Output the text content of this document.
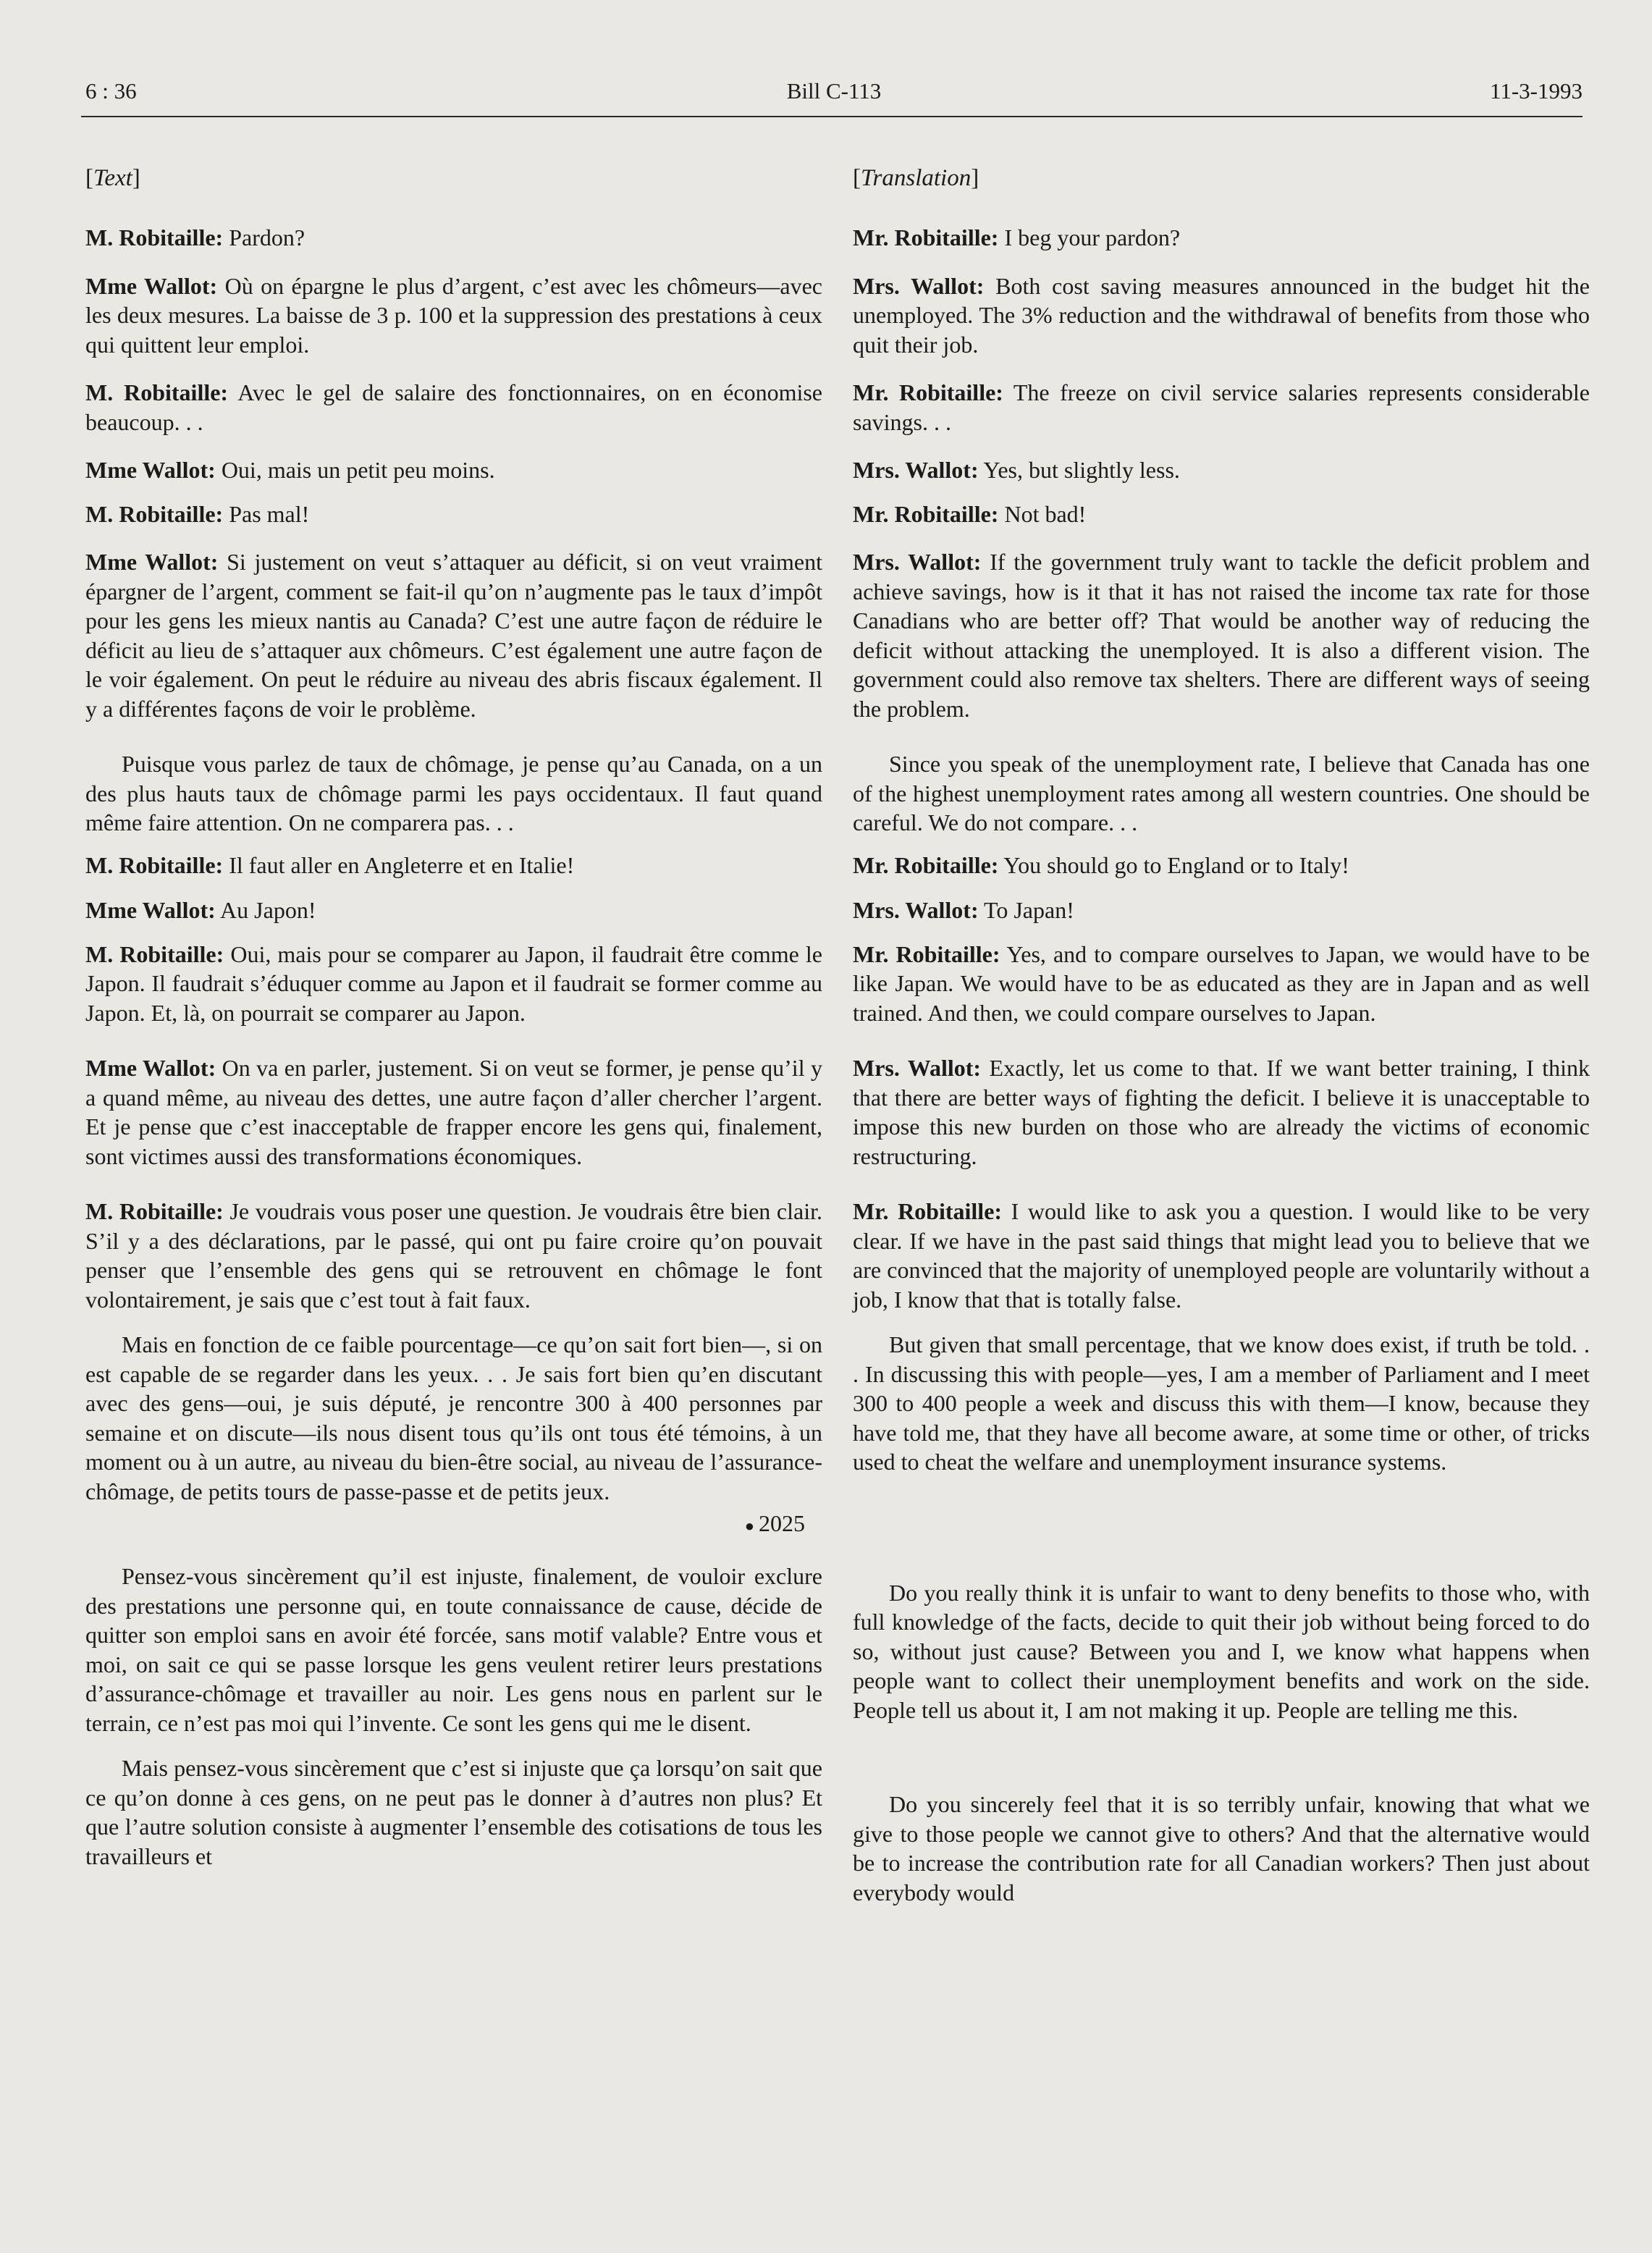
Bill C-113
6 : 36	11-3-1993
[Text]

M. Robitaille: Pardon?

Mme Wallot: Où on épargne le plus d’argent, c’est avec les chômeurs—avec les deux mesures. La baisse de 3 p. 100 et la suppression des prestations à ceux qui quittent leur emploi.

M. Robitaille: Avec le gel de salaire des fonctionnaires, on en économise beaucoup. . .

Mme Wallot: Oui, mais un petit peu moins.

M. Robitaille: Pas mal!

Mme Wallot: Si justement on veut s’attaquer au déficit, si on veut vraiment épargner de l’argent, comment se fait-il qu’on n’augmente pas le taux d’impôt pour les gens les mieux nantis au Canada? C’est une autre façon de réduire le déficit au lieu de s’attaquer aux chômeurs. C’est également une autre façon de le voir également. On peut le réduire au niveau des abris fiscaux également. Il y a différentes façons de voir le problème.

Puisque vous parlez de taux de chômage, je pense qu’au Canada, on a un des plus hauts taux de chômage parmi les pays occidentaux. Il faut quand même faire attention. On ne comparera pas. . .

M. Robitaille: Il faut aller en Angleterre et en Italie!

Mme Wallot: Au Japon!

M. Robitaille: Oui, mais pour se comparer au Japon, il faudrait être comme le Japon. Il faudrait s’éduquer comme au Japon et il faudrait se former comme au Japon. Et, là, on pourrait se comparer au Japon.

Mme Wallot: On va en parler, justement. Si on veut se former, je pense qu’il y a quand même, au niveau des dettes, une autre façon d’aller chercher l’argent. Et je pense que c’est inacceptable de frapper encore les gens qui, finalement, sont victimes aussi des transformations économiques.

M. Robitaille: Je voudrais vous poser une question. Je voudrais être bien clair. S’il y a des déclarations, par le passé, qui ont pu faire croire qu’on pouvait penser que l’ensemble des gens qui se retrouvent en chômage le font volontairement, je sais que c’est tout à fait faux.

Mais en fonction de ce faible pourcentage—ce qu’on sait fort bien—, si on est capable de se regarder dans les yeux. . . Je sais fort bien qu’en discutant avec des gens—oui, je suis député, je rencontre 300 à 400 personnes par semaine et on discute—ils nous disent tous qu’ils ont tous été témoins, à un moment ou à un autre, au niveau du bien-être social, au niveau de l’assurance-chômage, de petits tours de passe-passe et de petits jeux.

● 2025

Pensez-vous sincèrement qu’il est injuste, finalement, de vouloir exclure des prestations une personne qui, en toute connaissance de cause, décide de quitter son emploi sans en avoir été forcée, sans motif valable? Entre vous et moi, on sait ce qui se passe lorsque les gens veulent retirer leurs prestations d’assurance-chômage et travailler au noir. Les gens nous en parlent sur le terrain, ce n’est pas moi qui l’invente. Ce sont les gens qui me le disent.

Mais pensez-vous sincèrement que c’est si injuste que ça lorsqu’on sait que ce qu’on donne à ces gens, on ne peut pas le donner à d’autres non plus? Et que l’autre solution consiste à augmenter l’ensemble des cotisations de tous les travailleurs et

[Translation]

Mr. Robitaille: I beg your pardon?

Mrs. Wallot: Both cost saving measures announced in the budget hit the unemployed. The 3% reduction and the withdrawal of benefits from those who quit their job.

Mr. Robitaille: The freeze on civil service salaries represents considerable savings. . .

Mrs. Wallot: Yes, but slightly less.

Mr. Robitaille: Not bad!

Mrs. Wallot: If the government truly want to tackle the deficit problem and achieve savings, how is it that it has not raised the income tax rate for those Canadians who are better off? That would be another way of reducing the deficit without attacking the unemployed. It is also a different vision. The government could also remove tax shelters. There are different ways of seeing the problem.

Since you speak of the unemployment rate, I believe that Canada has one of the highest unemployment rates among all western countries. One should be careful. We do not compare. . .

Mr. Robitaille: You should go to England or to Italy!

Mrs. Wallot: To Japan!

Mr. Robitaille: Yes, and to compare ourselves to Japan, we would have to be like Japan. We would have to be as educated as they are in Japan and as well trained. And then, we could compare ourselves to Japan.

Mrs. Wallot: Exactly, let us come to that. If we want better training, I think that there are better ways of fighting the deficit. I believe it is unacceptable to impose this new burden on those who are already the victims of economic restructuring.

Mr. Robitaille: I would like to ask you a question. I would like to be very clear. If we have in the past said things that might lead you to believe that we are convinced that the majority of unemployed people are voluntarily without a job, I know that that is totally false.

But given that small percentage, that we know does exist, if truth be told. . . In discussing this with people—yes, I am a member of Parliament and I meet 300 to 400 people a week and discuss this with them—I know, because they have told me, that they have all become aware, at some time or other, of tricks used to cheat the welfare and unemployment insurance systems.

Do you really think it is unfair to want to deny benefits to those who, with full knowledge of the facts, decide to quit their job without being forced to do so, without just cause? Between you and I, we know what happens when people want to collect their unemployment benefits and work on the side. People tell us about it, I am not making it up. People are telling me this.

Do you sincerely feel that it is so terribly unfair, knowing that what we give to those people we cannot give to others? And that the alternative would be to increase the contribution rate for all Canadian workers? Then just about everybody would
